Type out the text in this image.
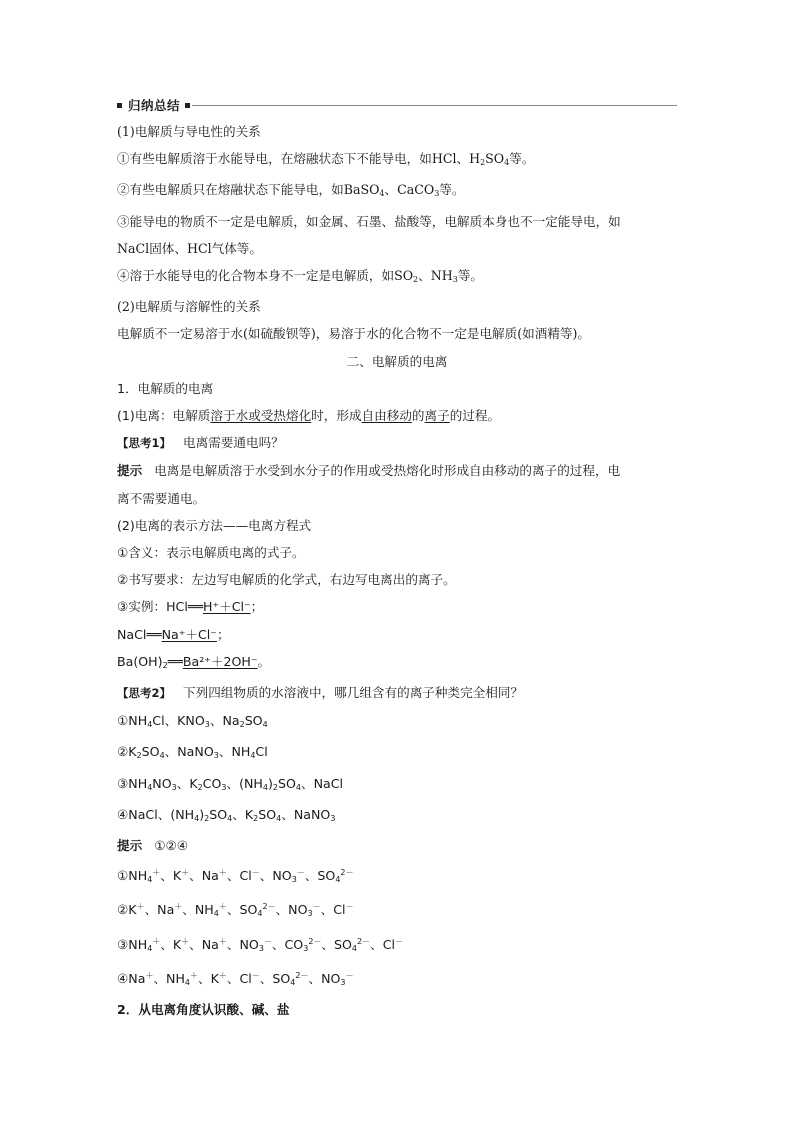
归纳总结
(1)电解质与导电性的关系
①有些电解质溶于水能导电，在熔融状态下不能导电，如HCl、$H_2SO_4$等。
②有些电解质只在熔融状态下能导电，如BaSO$_4$、CaCO$_3$等。
③能导电的物质不一定是电解质，如金属、石墨、盐酸等，电解质本身也不一定能导电，如
NaCl固体、HCl气体等。
④溶于水能导电的化合物本身不一定是电解质，如$SO_2$、$NH_3$等。
(2)电解质与溶解性的关系
电解质不一定易溶于水(如硫酸钡等)，易溶于水的化合物不一定是电解质(如酒精等)。
二、电解质的电离
1．电解质的电离
(1)电离：电解质溶于水或受热熔化时，形成自由移动的离子的过程。
【思考1】 电离需要通电吗？
提示 电离是电解质溶于水受到水分子的作用或受热熔化时形成自由移动的离子的过程，电
离不需要通电。
(2)电离的表示方法——电离方程式
①含义：表示电解质电离的式子。
②书写要求：左边写电解质的化学式，右边写电离出的离子。
③实例：HCl══H⁺＋Cl⁻；
NaCl══Na⁺＋Cl⁻；
$Ba(OH)_2══Ba^{2+}+2OH^-$。
【思考2】 下列四组物质的水溶液中，哪几组含有的离子种类完全相同？
$①NH_4Cl$、$KNO_3$、$Na_2SO_4$
$②K_2SO_4$、NaNO$_3$、$NH_4Cl$
$③NH_4NO_3$、$K_2CO_3$、$(NH_4)_2SO_4$、NaCl
④NaCl、$(NH_4)_2SO_4$、$K_2SO_4$、NaNO$_3$
提示 ①②④
$①NH_4^+$、K＋、Na＋、Cl－、$NO_3^-$、$SO_4^{2-}$
②K＋、Na＋、$NH_4^+$、$SO_4^{2-}$、$NO_3^-$、Cl－
$③NH_4^+$、K＋、Na＋、$NO_3^-$、$CO_3^{2-}$、$SO_4^{2-}$、Cl－
④Na＋、$NH_4^+$、K＋、Cl－、$SO_4^{2-}$、$NO_3^-$
2．从电离角度认识酸、碱、盐
